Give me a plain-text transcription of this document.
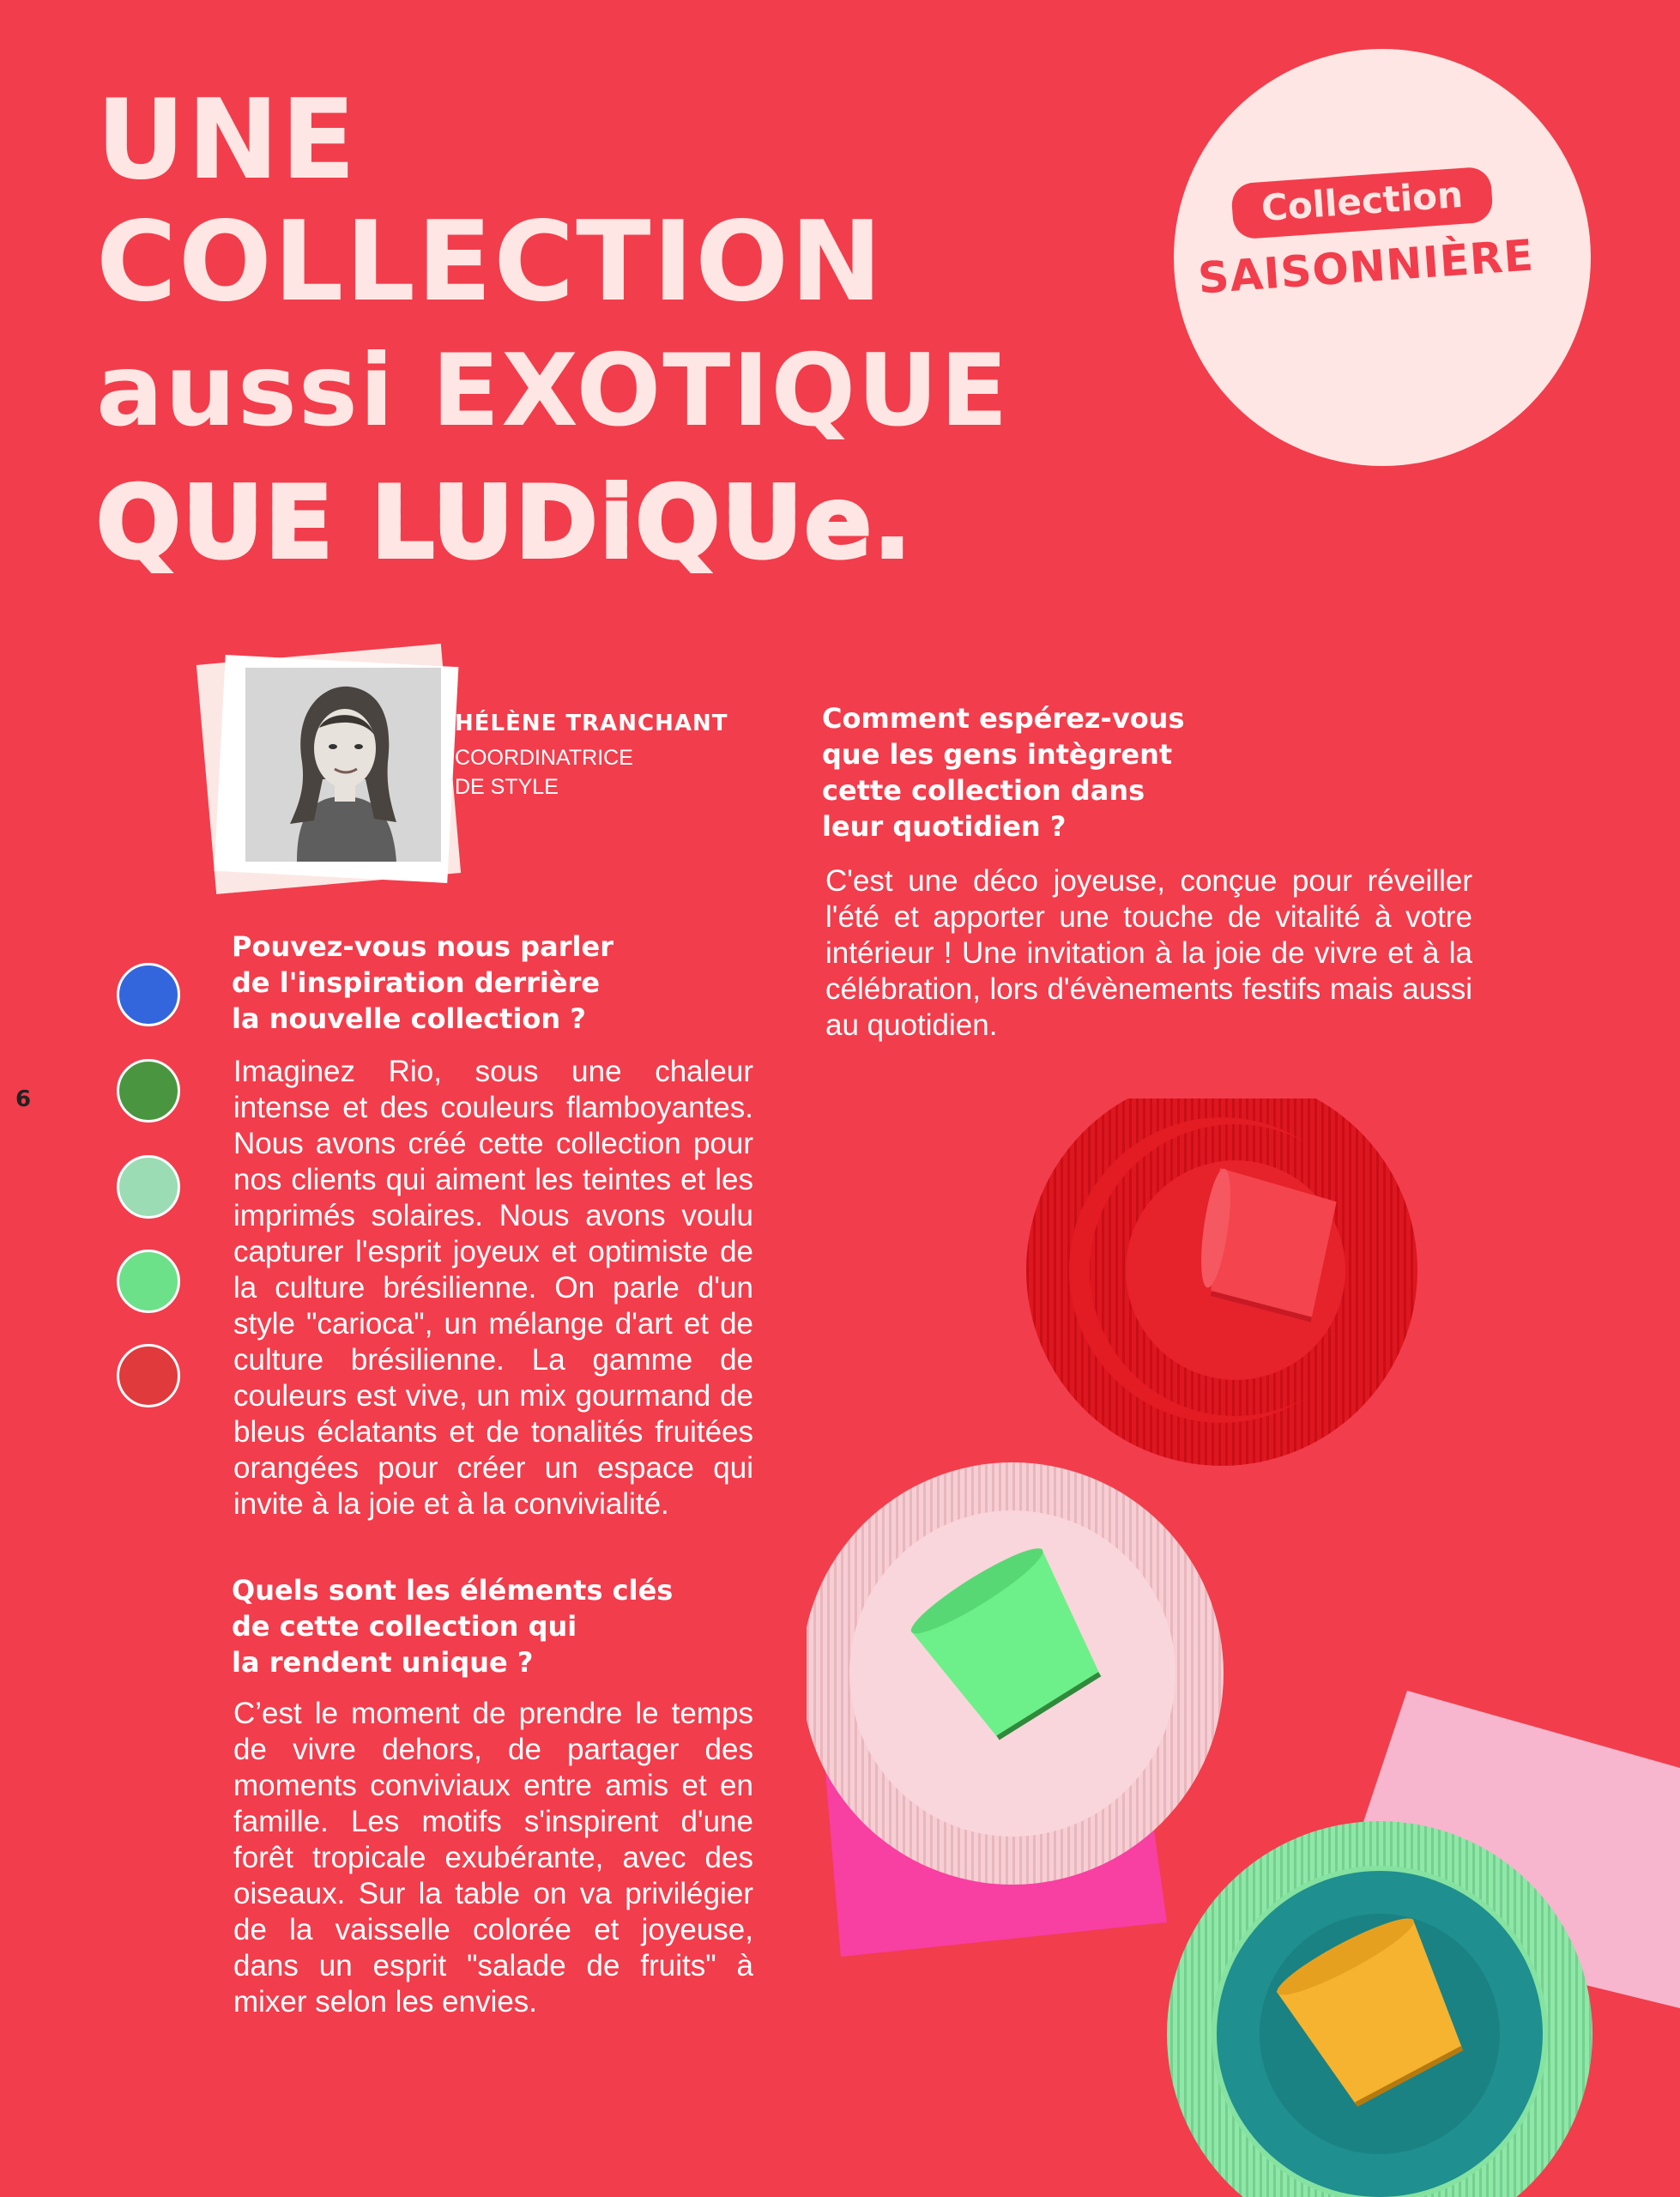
UNE
COLLECTION
aussi EXOTIQUE
QUE LUDiQUe.
Collection
SAISONNIÈRE
HÉLÈNE TRANCHANT
COORDINATRICE
DE STYLE
Pouvez-vous nous parler
de l'inspiration derrière
la nouvelle collection ?
Imaginez Rio, sous une chaleur intense et des couleurs flamboyantes. Nous avons créé cette collection pour nos clients qui aiment les teintes et les imprimés solaires. Nous avons voulu capturer l'esprit joyeux et optimiste de la culture brésilienne. On parle d'un style "carioca", un mélange d'art et de culture brésilienne. La gamme de couleurs est vive, un mix gourmand de bleus éclatants et de tonalités fruitées orangées pour créer un espace qui invite à la joie et à la convivialité.
Quels sont les éléments clés
de cette collection qui
la rendent unique ?
C’est le moment de prendre le temps de vivre dehors, de partager des moments conviviaux entre amis et en famille. Les motifs s'inspirent d'une forêt tropicale exubérante, avec des oiseaux. Sur la table on va privilégier de la vaisselle colorée et joyeuse, dans un esprit "salade de fruits" à mixer selon les envies.
Comment espérez-vous
que les gens intègrent
cette collection dans
leur quotidien ?
C'est une déco joyeuse, conçue pour réveiller l'été et apporter une touche de vitalité à votre intérieur ! Une invitation à la joie de vivre et à la célébration, lors d'évènements festifs mais aussi au quotidien.
6
